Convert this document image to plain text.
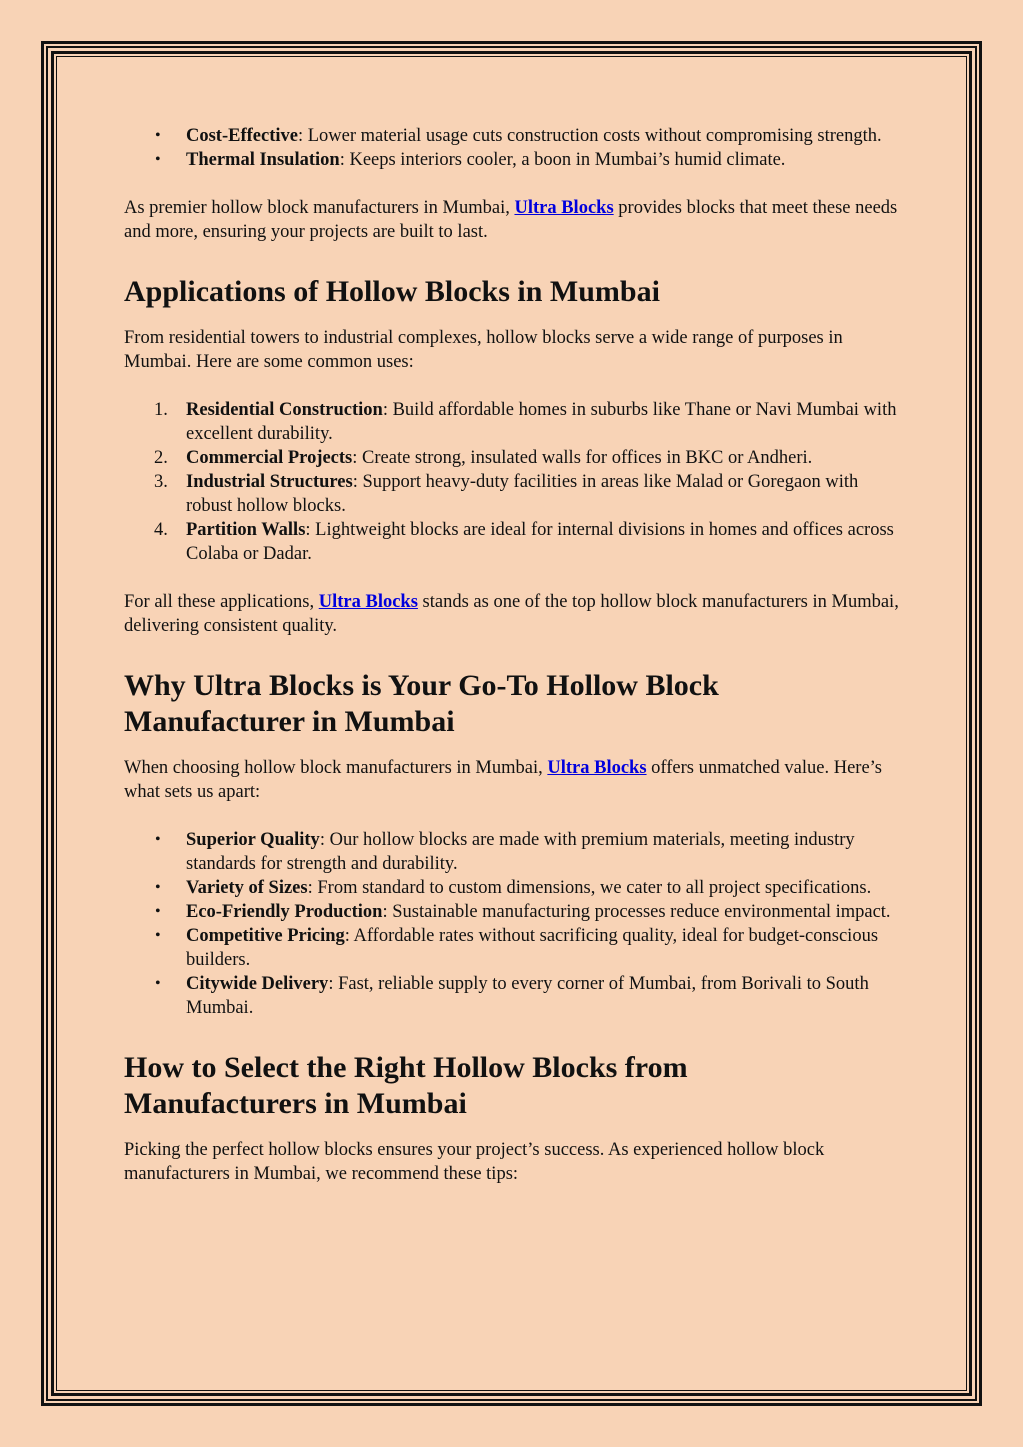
• Cost-Effective: Lower material usage cuts construction costs without compromising strength.
• Thermal Insulation: Keeps interiors cooler, a boon in Mumbai’s humid climate.

As premier hollow block manufacturers in Mumbai, Ultra Blocks provides blocks that meet these needs and more, ensuring your projects are built to last.

Applications of Hollow Blocks in Mumbai

From residential towers to industrial complexes, hollow blocks serve a wide range of purposes in Mumbai. Here are some common uses:

1. Residential Construction: Build affordable homes in suburbs like Thane or Navi Mumbai with excellent durability.
2. Commercial Projects: Create strong, insulated walls for offices in BKC or Andheri.
3. Industrial Structures: Support heavy-duty facilities in areas like Malad or Goregaon with robust hollow blocks.
4. Partition Walls: Lightweight blocks are ideal for internal divisions in homes and offices across Colaba or Dadar.

For all these applications, Ultra Blocks stands as one of the top hollow block manufacturers in Mumbai, delivering consistent quality.

Why Ultra Blocks is Your Go-To Hollow Block Manufacturer in Mumbai

When choosing hollow block manufacturers in Mumbai, Ultra Blocks offers unmatched value. Here’s what sets us apart:

• Superior Quality: Our hollow blocks are made with premium materials, meeting industry standards for strength and durability.
• Variety of Sizes: From standard to custom dimensions, we cater to all project specifications.
• Eco-Friendly Production: Sustainable manufacturing processes reduce environmental impact.
• Competitive Pricing: Affordable rates without sacrificing quality, ideal for budget-conscious builders.
• Citywide Delivery: Fast, reliable supply to every corner of Mumbai, from Borivali to South Mumbai.
How to Select the Right Hollow Blocks from Manufacturers in Mumbai

Picking the perfect hollow blocks ensures your project’s success. As experienced hollow block manufacturers in Mumbai, we recommend these tips:
